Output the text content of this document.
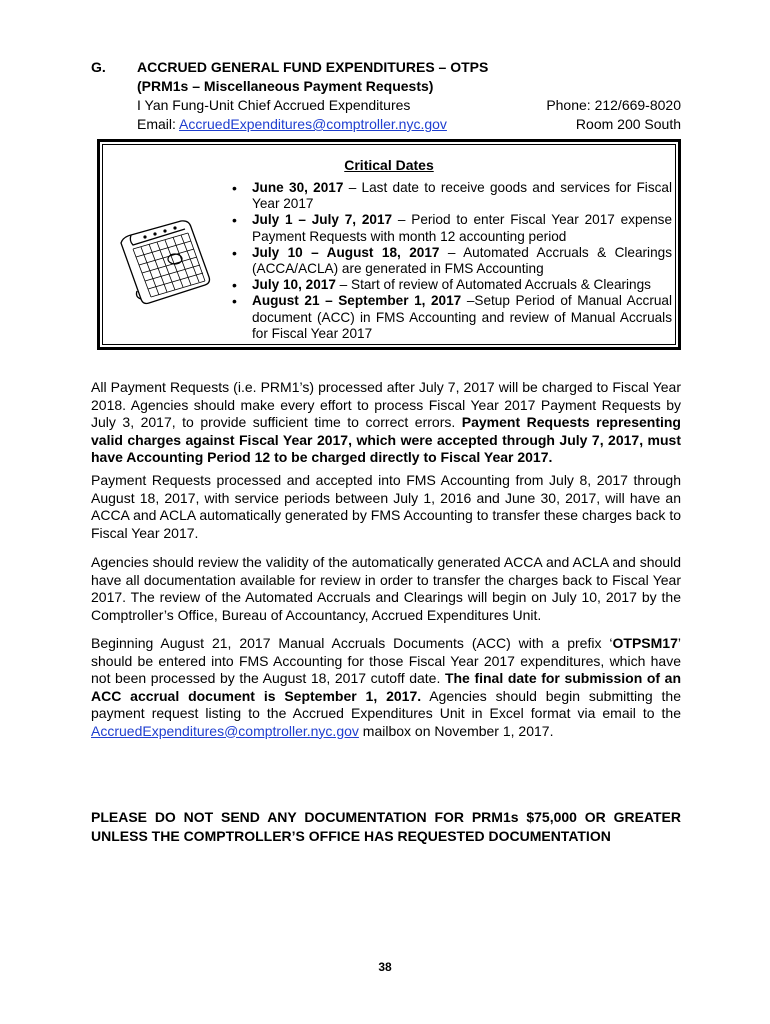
G. ACCRUED GENERAL FUND EXPENDITURES – OTPS
(PRM1s – Miscellaneous Payment Requests)
I Yan Fung-Unit Chief Accrued Expenditures	Phone: 212/669-8020
Email: AccruedExpenditures@comptroller.nyc.gov	Room 200 South
Critical Dates
• June 30, 2017 – Last date to receive goods and services for Fiscal Year 2017
• July 1 – July 7, 2017 – Period to enter Fiscal Year 2017 expense Payment Requests with month 12 accounting period
• July 10 – August 18, 2017 – Automated Accruals & Clearings (ACCA/ACLA) are generated in FMS Accounting
• July 10, 2017 – Start of review of Automated Accruals & Clearings
• August 21 – September 1, 2017 –Setup Period of Manual Accrual document (ACC) in FMS Accounting and review of Manual Accruals for Fiscal Year 2017

All Payment Requests (i.e. PRM1’s) processed after July 7, 2017 will be charged to Fiscal Year 2018. Agencies should make every effort to process Fiscal Year 2017 Payment Requests by July 3, 2017, to provide sufficient time to correct errors. Payment Requests representing valid charges against Fiscal Year 2017, which were accepted through July 7, 2017, must have Accounting Period 12 to be charged directly to Fiscal Year 2017.

Payment Requests processed and accepted into FMS Accounting from July 8, 2017 through August 18, 2017, with service periods between July 1, 2016 and June 30, 2017, will have an ACCA and ACLA automatically generated by FMS Accounting to transfer these charges back to Fiscal Year 2017.

Agencies should review the validity of the automatically generated ACCA and ACLA and should have all documentation available for review in order to transfer the charges back to Fiscal Year 2017. The review of the Automated Accruals and Clearings will begin on July 10, 2017 by the Comptroller’s Office, Bureau of Accountancy, Accrued Expenditures Unit.

Beginning August 21, 2017 Manual Accruals Documents (ACC) with a prefix ‘OTPSM17’ should be entered into FMS Accounting for those Fiscal Year 2017 expenditures, which have not been processed by the August 18, 2017 cutoff date. The final date for submission of an ACC accrual document is September 1, 2017. Agencies should begin submitting the payment request listing to the Accrued Expenditures Unit in Excel format via email to the AccruedExpenditures@comptroller.nyc.gov mailbox on November 1, 2017.

PLEASE DO NOT SEND ANY DOCUMENTATION FOR PRM1s $75,000 OR GREATER UNLESS THE COMPTROLLER’S OFFICE HAS REQUESTED DOCUMENTATION

38
